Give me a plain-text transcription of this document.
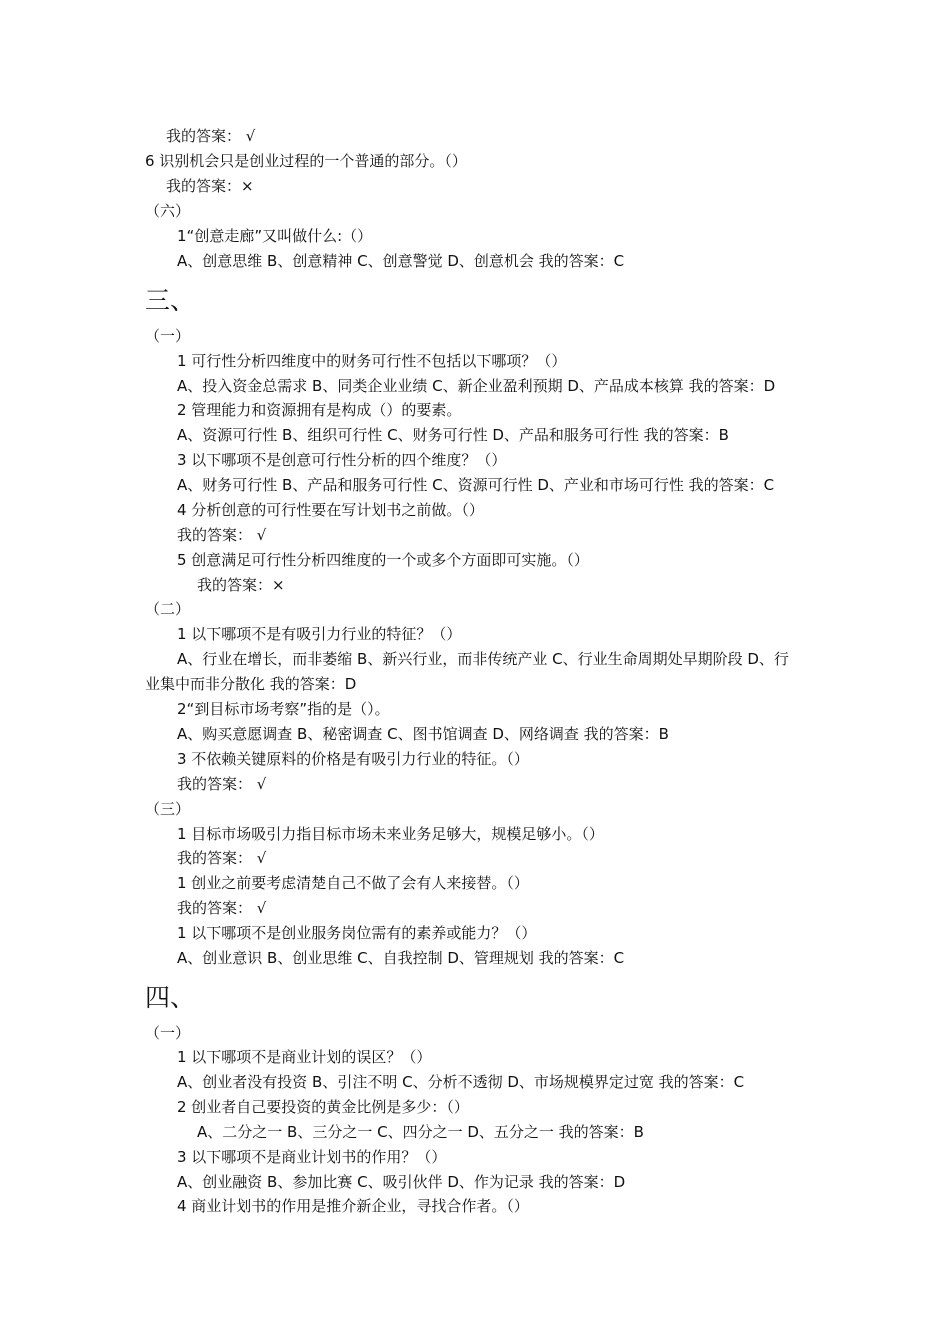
我的答案： √
6 识别机会只是创业过程的一个普通的部分。（）
我的答案：×
（六）
1“创意走廊”又叫做什么:（）
A、创意思维 B、创意精神 C、创意警觉 D、创意机会 我的答案：C
三、
（一）
1 可行性分析四维度中的财务可行性不包括以下哪项？（）
A、投入资金总需求 B、同类企业业绩 C、新企业盈利预期 D、产品成本核算 我的答案：D
2 管理能力和资源拥有是构成（）的要素。
A、资源可行性 B、组织可行性 C、财务可行性 D、产品和服务可行性 我的答案：B
3 以下哪项不是创意可行性分析的四个维度？（）
A、财务可行性 B、产品和服务可行性 C、资源可行性 D、产业和市场可行性 我的答案：C
4 分析创意的可行性要在写计划书之前做。（）
我的答案： √
5 创意满足可行性分析四维度的一个或多个方面即可实施。（）
我的答案：×
（二）
1 以下哪项不是有吸引力行业的特征？（）
A、行业在增长，而非萎缩 B、新兴行业，而非传统产业 C、行业生命周期处早期阶段 D、行
业集中而非分散化 我的答案：D
2“到目标市场考察”指的是（）。
A、购买意愿调查 B、秘密调查 C、图书馆调查 D、网络调查 我的答案：B
3 不依赖关键原料的价格是有吸引力行业的特征。（）
我的答案： √
（三）
1 目标市场吸引力指目标市场未来业务足够大，规模足够小。（）
我的答案： √
1 创业之前要考虑清楚自己不做了会有人来接替。（）
我的答案： √
1 以下哪项不是创业服务岗位需有的素养或能力？（）
A、创业意识 B、创业思维 C、自我控制 D、管理规划 我的答案：C
四、
（一）
1 以下哪项不是商业计划的误区？（）
A、创业者没有投资 B、引注不明 C、分析不透彻 D、市场规模界定过宽 我的答案：C
2 创业者自己要投资的黄金比例是多少：（）
A、二分之一 B、三分之一 C、四分之一 D、五分之一 我的答案：B
3 以下哪项不是商业计划书的作用？（）
A、创业融资 B、参加比赛 C、吸引伙伴 D、作为记录 我的答案：D
4 商业计划书的作用是推介新企业，寻找合作者。（）
